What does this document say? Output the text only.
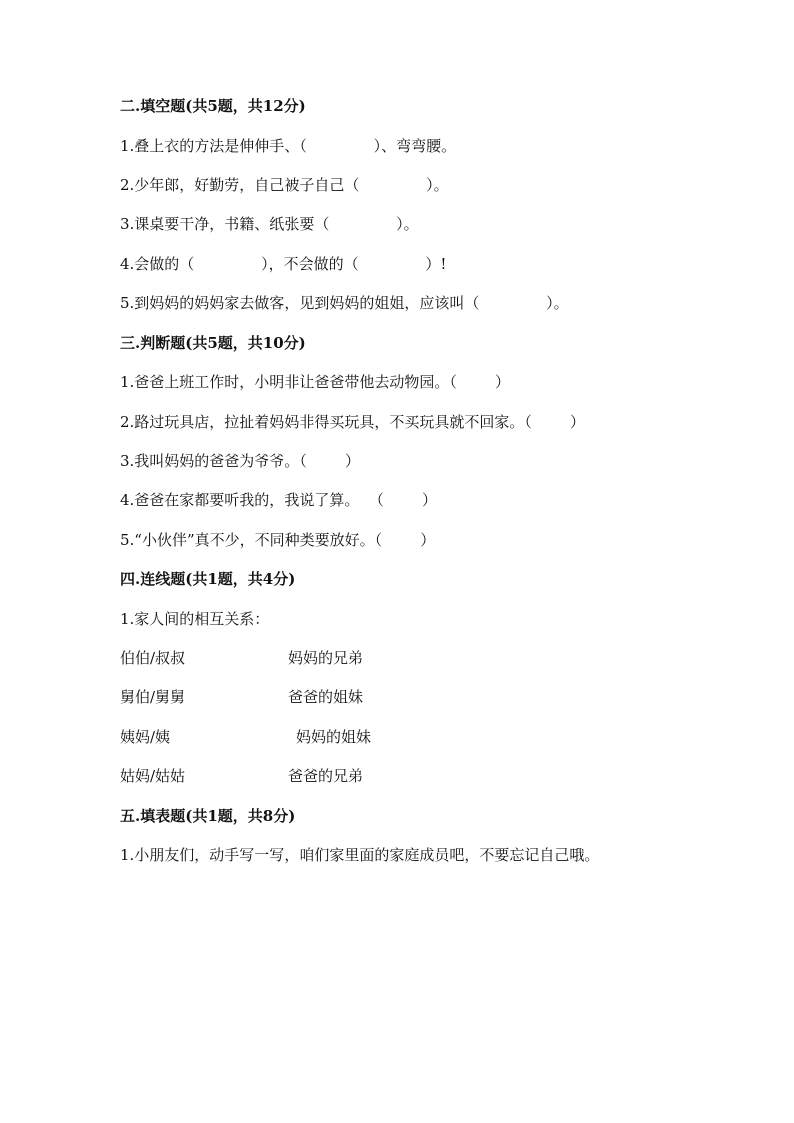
二.填空题(共5题，共12分)
1.叠上衣的方法是伸伸手、（              ）、弯弯腰。
2.少年郎，好勤劳，自己被子自己（              ）。
3.课桌要干净，书籍、纸张要（              ）。
4.会做的（              ），不会做的（              ）!
5.到妈妈的妈妈家去做客，见到妈妈的姐姐，应该叫（              ）。
三.判断题(共5题，共10分)
1.爸爸上班工作时，小明非让爸爸带他去动物园。（        ）
2.路过玩具店，拉扯着妈妈非得买玩具，不买玩具就不回家。（        ）
3.我叫妈妈的爸爸为爷爷。（        ）
4.爸爸在家都要听我的，我说了算。  （        ）
5.“小伙伴”真不少，不同种类要放好。（        ）
四.连线题(共1题，共4分)
1.家人间的相互关系：
伯伯/叔叔	妈妈的兄弟
舅伯/舅舅	爸爸的姐妹
姨妈/姨	妈妈的姐妹
姑妈/姑姑	爸爸的兄弟
五.填表题(共1题，共8分)
1.小朋友们，动手写一写，咱们家里面的家庭成员吧，不要忘记自己哦。
